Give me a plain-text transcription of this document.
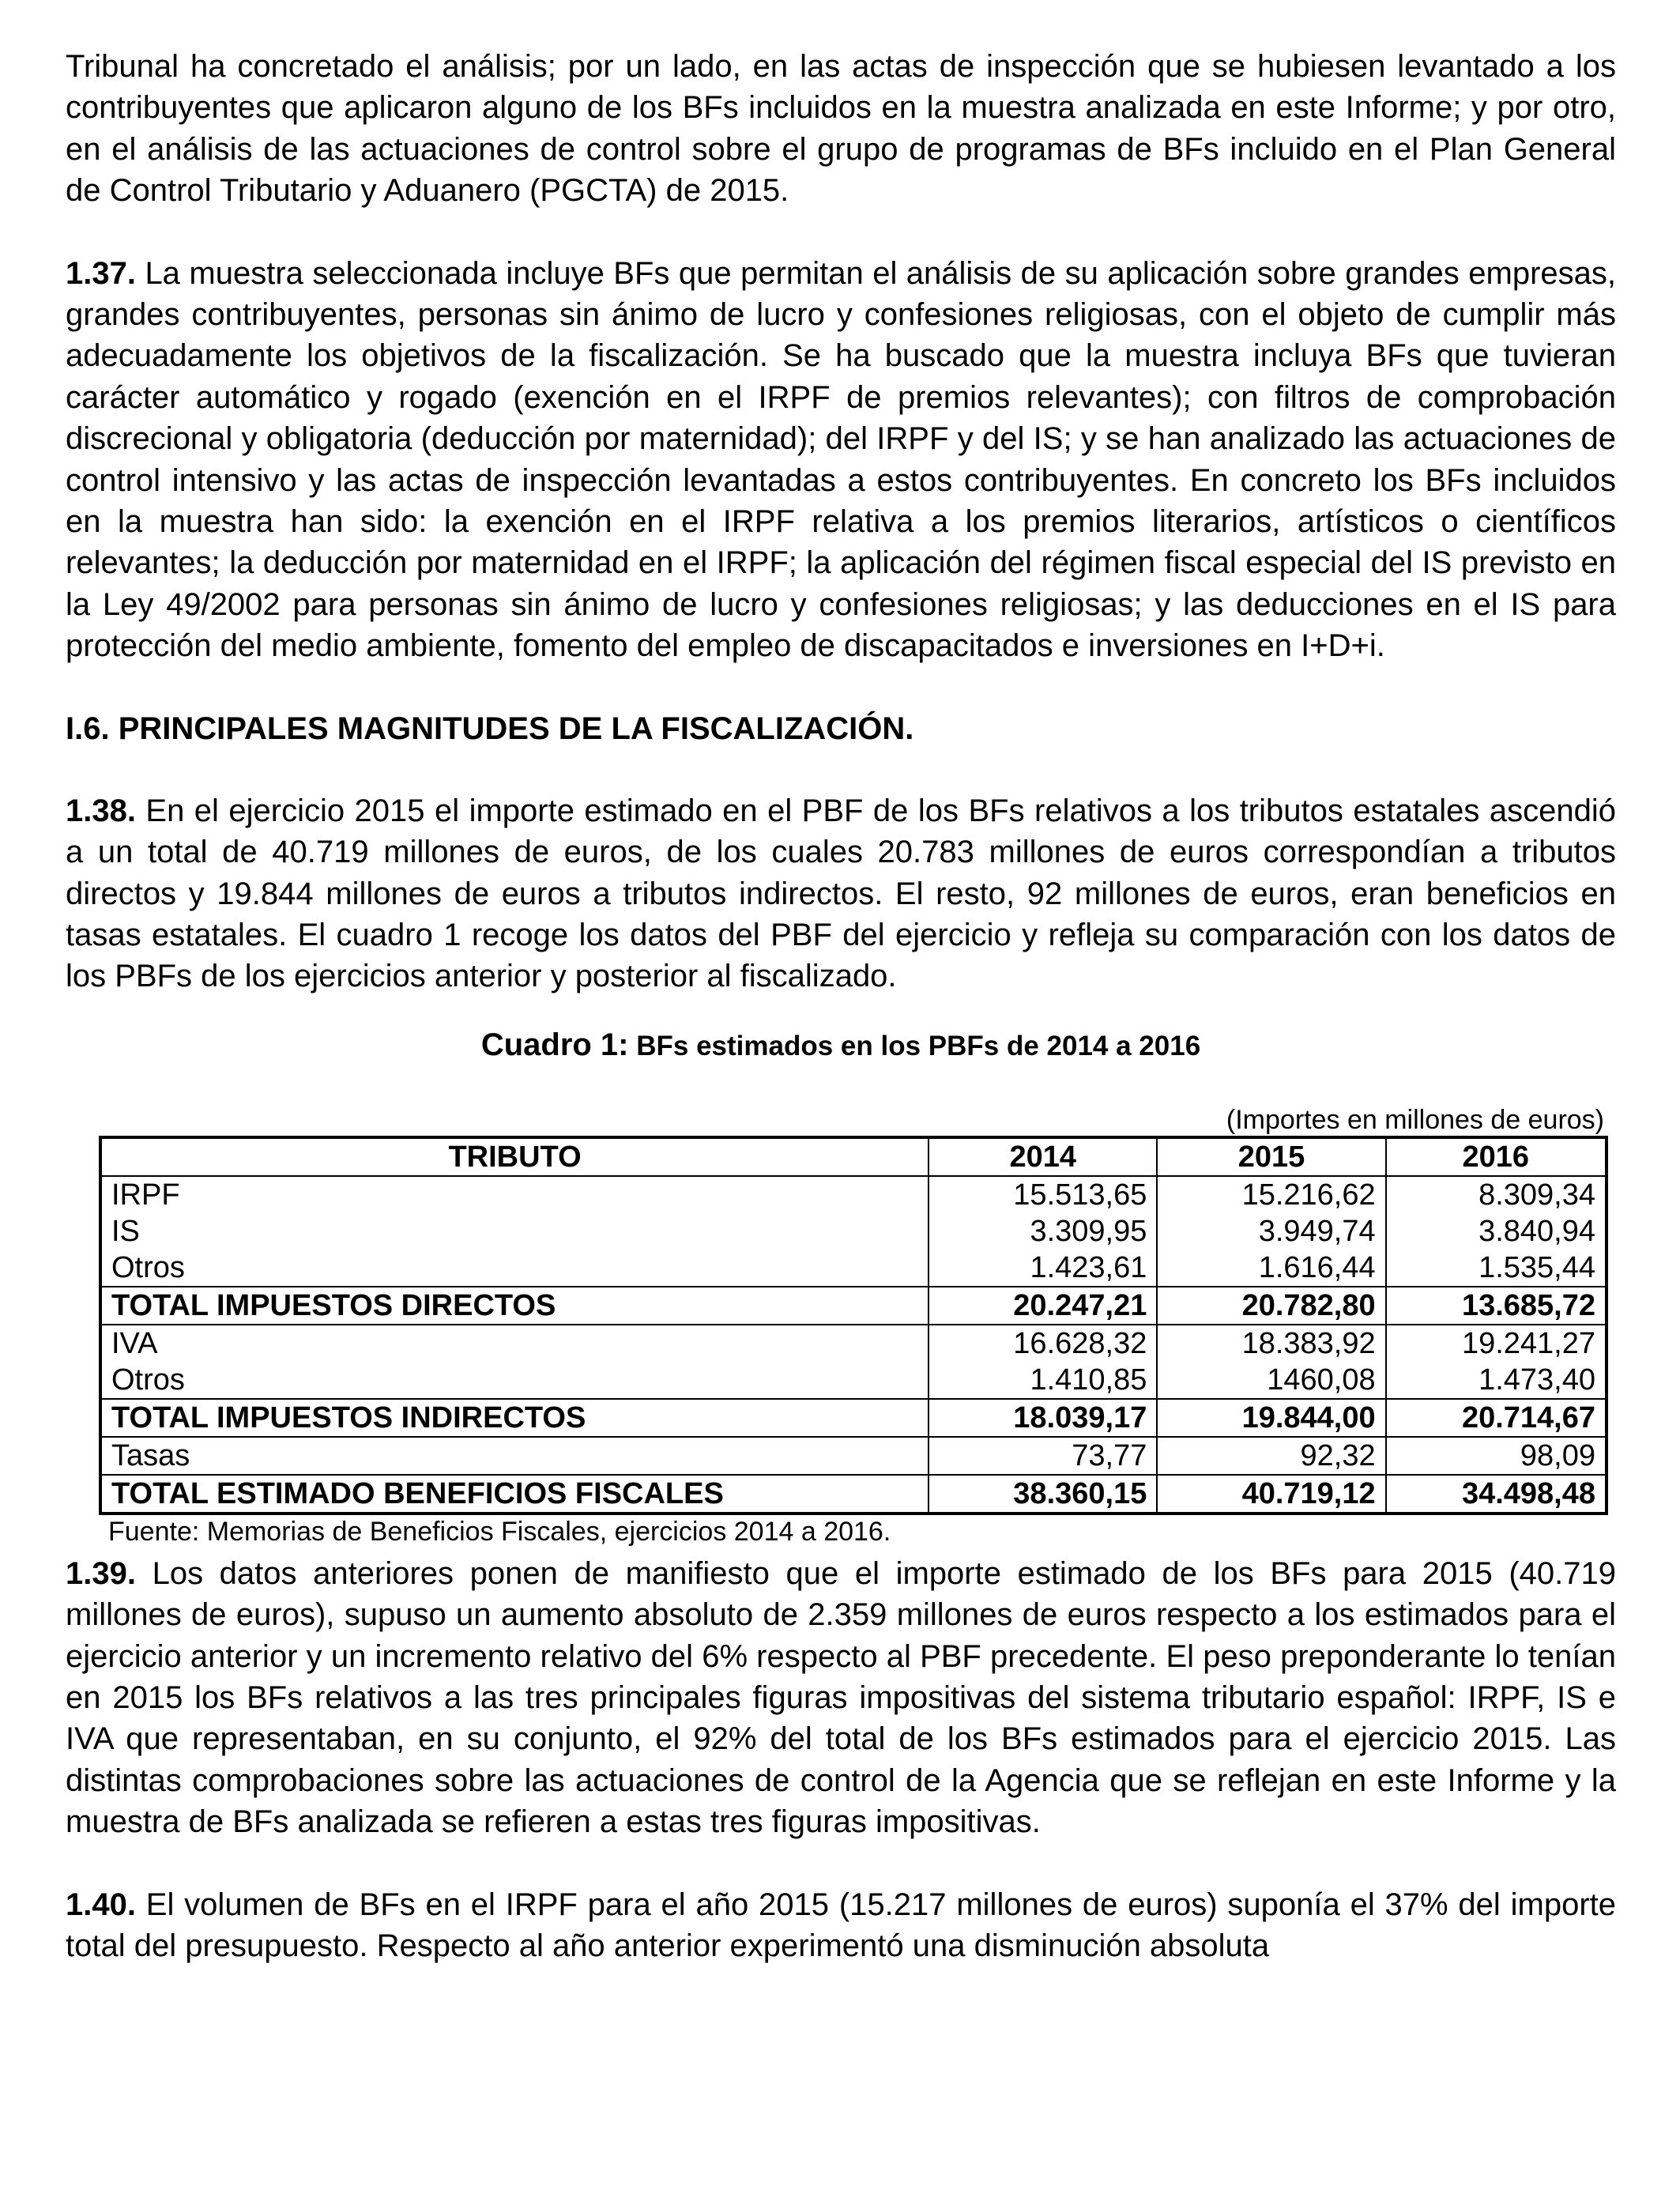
Tribunal ha concretado el análisis; por un lado, en las actas de inspección que se hubiesen levantado a los contribuyentes que aplicaron alguno de los BFs incluidos en la muestra analizada en este Informe; y por otro, en el análisis de las actuaciones de control sobre el grupo de programas de BFs incluido en el Plan General de Control Tributario y Aduanero (PGCTA) de 2015.

1.37. La muestra seleccionada incluye BFs que permitan el análisis de su aplicación sobre grandes empresas, grandes contribuyentes, personas sin ánimo de lucro y confesiones religiosas, con el objeto de cumplir más adecuadamente los objetivos de la fiscalización. Se ha buscado que la muestra incluya BFs que tuvieran carácter automático y rogado (exención en el IRPF de premios relevantes); con filtros de comprobación discrecional y obligatoria (deducción por maternidad); del IRPF y del IS; y se han analizado las actuaciones de control intensivo y las actas de inspección levantadas a estos contribuyentes. En concreto los BFs incluidos en la muestra han sido: la exención en el IRPF relativa a los premios literarios, artísticos o científicos relevantes; la deducción por maternidad en el IRPF; la aplicación del régimen fiscal especial del IS previsto en la Ley 49/2002 para personas sin ánimo de lucro y confesiones religiosas; y las deducciones en el IS para protección del medio ambiente, fomento del empleo de discapacitados e inversiones en I+D+i.

I.6. PRINCIPALES MAGNITUDES DE LA FISCALIZACIÓN.

1.38. En el ejercicio 2015 el importe estimado en el PBF de los BFs relativos a los tributos estatales ascendió a un total de 40.719 millones de euros, de los cuales 20.783 millones de euros correspondían a tributos directos y 19.844 millones de euros a tributos indirectos. El resto, 92 millones de euros, eran beneficios en tasas estatales. El cuadro 1 recoge los datos del PBF del ejercicio y refleja su comparación con los datos de los PBFs de los ejercicios anterior y posterior al fiscalizado.

Cuadro 1: BFs estimados en los PBFs de 2014 a 2016
(Importes en millones de euros)
TRIBUTO	2014	2015	2016
IRPF	15.513,65	15.216,62	8.309,34
IS	3.309,95	3.949,74	3.840,94
Otros	1.423,61	1.616,44	1.535,44
TOTAL IMPUESTOS DIRECTOS	20.247,21	20.782,80	13.685,72
IVA	16.628,32	18.383,92	19.241,27
Otros	1.410,85	1460,08	1.473,40
TOTAL IMPUESTOS INDIRECTOS	18.039,17	19.844,00	20.714,67
Tasas	73,77	92,32	98,09
TOTAL ESTIMADO BENEFICIOS FISCALES	38.360,15	40.719,12	34.498,48
Fuente: Memorias de Beneficios Fiscales, ejercicios 2014 a 2016.

1.39. Los datos anteriores ponen de manifiesto que el importe estimado de los BFs para 2015 (40.719 millones de euros), supuso un aumento absoluto de 2.359 millones de euros respecto a los estimados para el ejercicio anterior y un incremento relativo del 6% respecto al PBF precedente. El peso preponderante lo tenían en 2015 los BFs relativos a las tres principales figuras impositivas del sistema tributario español: IRPF, IS e IVA que representaban, en su conjunto, el 92% del total de los BFs estimados para el ejercicio 2015. Las distintas comprobaciones sobre las actuaciones de control de la Agencia que se reflejan en este Informe y la muestra de BFs analizada se refieren a estas tres figuras impositivas.

1.40. El volumen de BFs en el IRPF para el año 2015 (15.217 millones de euros) suponía el 37% del importe total del presupuesto. Respecto al año anterior experimentó una disminución absoluta
